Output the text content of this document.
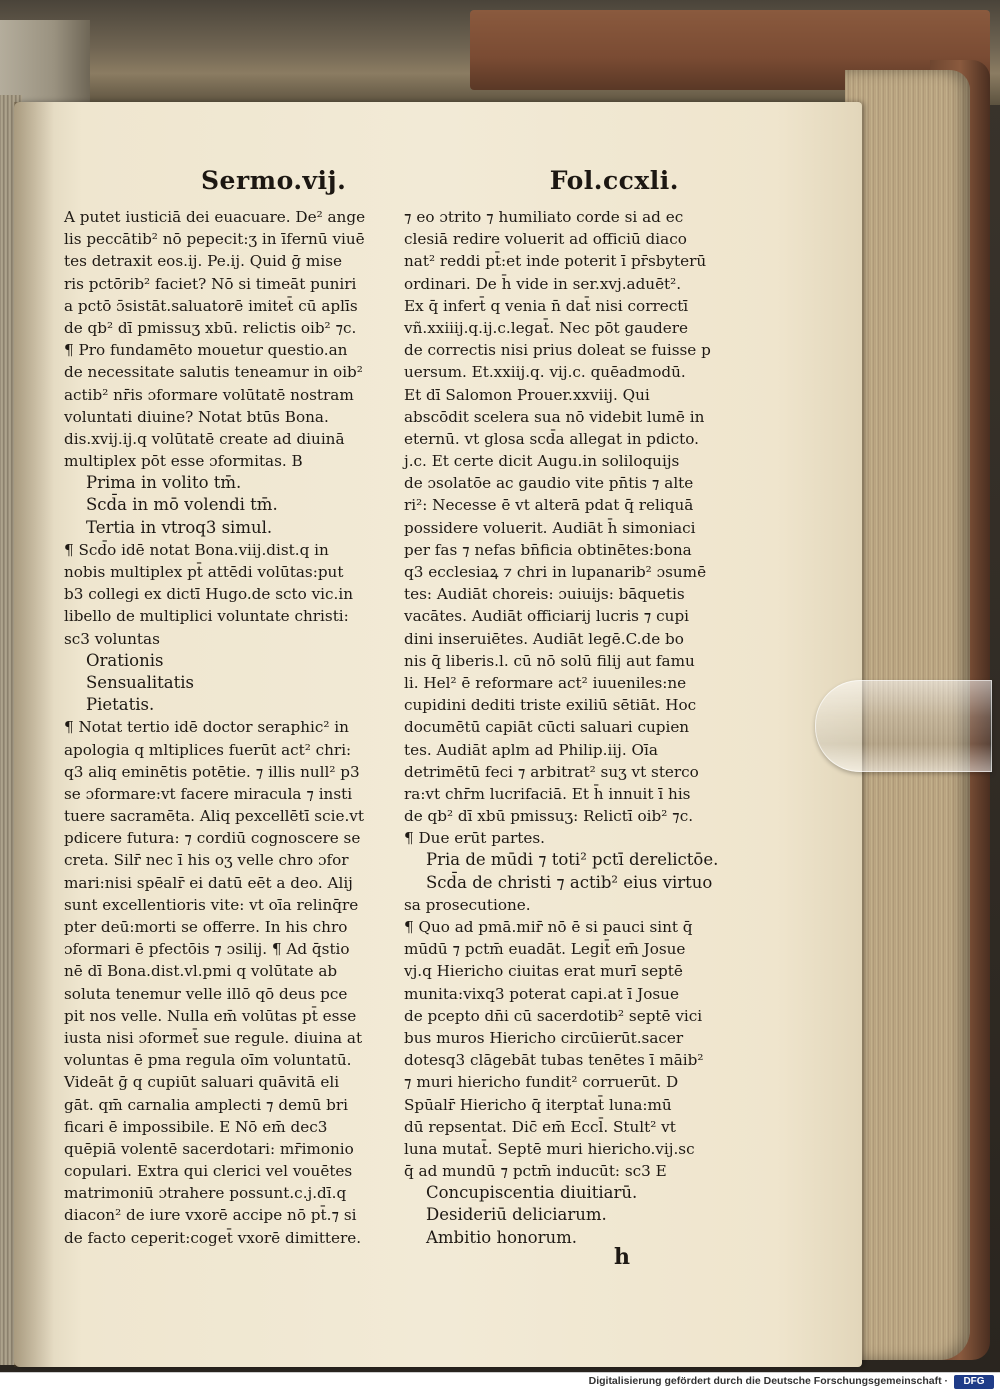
Sermo.vij.	Fol.ccxli.
A putet iusticiā dei euacuare. De² ange
lis peccātib² nō pepecit:ʒ in īfernū viuē
tes detraxit eos.ij. Pe.ij. Quid ḡ mise
ris pctōrib² faciet? Nō si timeāt puniri
a pctō ɔ̄sistāt.saluatorē imitet̄ cū aplīs
de qb² dī pmissuʒ xbū. relictis oib² ⁊c.
¶ Pro fundamēto mouetur questio.an
de necessitate salutis teneamur in oib²
actib² nr̄is ɔformare volūtatē nostram
voluntati diuine? Notat btūs Bona.
dis.xvij.ij.q volūtatē create ad diuinā
multiplex pōt esse ɔformitas. B
Prima in volito tm̄.
Scd̄a in mō volendi tm̄.
Tertia in vtroq3 simul.
¶ Scd̄o idē notat Bona.viij.dist.q in
nobis multiplex pt̄ attēdi volūtas:put
b3 collegi ex dictī Hugo.de scto vic.in
libello de multiplici voluntate christi:
sc3 voluntas
Orationis
Sensualitatis
Pietatis.
¶ Notat tertio idē doctor seraphic² in
apologia q mltiplices fuerūt act² chri:
q3 aliq eminētis potētie. ⁊ illis null² p3
se ɔformare:vt facere miracula ⁊ insti
tuere sacramēta. Aliq pexcellētī scie.vt
pdicere futura: ⁊ cordiū cognoscere se
creta. Silr̄ nec ī his oʒ velle chro ɔfor
mari:nisi spēalr̄ ei datū eēt a deo. Alij
sunt excellentioris vite: vt oīa relinq̄re
pter deū:morti se offerre. In his chro
ɔformari ē pfectōis ⁊ ɔsilij. ¶ Ad q̄stio
nē dī Bona.dist.vl.pmi q volūtate ab
soluta tenemur velle illō qō deus pce
pit nos velle. Nulla em̄ volūtas pt̄ esse
iusta nisi ɔformet̄ sue regule. diuina at
voluntas ē pma regula oīm voluntatū.
Videāt ḡ q cupiūt saluari quāvitā eli
gāt. qm̄ carnalia amplecti ⁊ demū bri
ficari ē impossibile. E Nō em̄ dec3
quēpiā volentē sacerdotari: mr̄imonio
copulari. Extra qui clerici vel vouētes
matrimoniū ɔtrahere possunt.c.j.dī.q
diacon² de iure vxorē accipe nō pt̄.⁊ si
de facto ceperit:coget̄ vxorē dimittere.
⁊ eo ɔtrito ⁊ humiliato corde si ad ec
clesiā redire voluerit ad officiū diaco
nat² reddi pt̄:et inde poterit ī pr̄sbyterū
ordinari. De h̄ vide in ser.xvj.aduēt².
Ex q̄ infert̄ q venia n̄ dat̄ nisi correctī
vñ.xxiiij.q.ij.c.legat̄. Nec pōt gaudere
de correctis nisi prius doleat se fuisse p
uersum. Et.xxiij.q. vij.c. quēadmodū.
Et dī Salomon Prouer.xxviij. Qui
abscōdit scelera sua nō videbit lumē in
eternū. vt glosa scd̄a allegat in pdicto.
j.c. Et certe dicit Augu.in soliloquijs
de ɔsolatōe ac gaudio vite pn̄tis ⁊ alte
ri²: Necesse ē vt alterā pdat q̄ reliquā
possidere voluerit. Audiāt h̄ simoniaci
per fas ⁊ nefas bn̄ficia obtinētes:bona
q3 ecclesiaꝝ ⁊ chri in lupanarib² ɔsumē
tes: Audiāt choreis: ɔuiuijs: bāquetis
vacātes. Audiāt officiarij lucris ⁊ cupi
dini inseruiētes. Audiāt legē.C.de bo
nis q̄ liberis.l. cū nō solū filij aut famu
li. Hel² ē reformare act² iuueniles:ne
cupidini dediti triste exiliū sētiāt. Hoc
documētū capiāt cūcti saluari cupien
tes. Audiāt aplm ad Philip.iij. Oīa
detrimētū feci ⁊ arbitrat² suʒ vt sterco
ra:vt chr̄m lucrifaciā. Et h̄ innuit ī his
de qb² dī xbū pmissuʒ: Relictī oib² ⁊c.
¶ Due erūt partes.
Pria de mūdi ⁊ toti² pctī derelictōe.
Scd̄a de christi ⁊ actib² eius virtuo
sa prosecutione.
¶ Quo ad pmā.mir̄ nō ē si pauci sint q̄
mūdū ⁊ pctm̄ euadāt. Legit̄ em̄ Josue
vj.q Hiericho ciuitas erat murī septē
munita:vixq3 poterat capi.at ī Josue
de pcepto dn̄i cū sacerdotib² septē vici
bus muros Hiericho circūierūt.sacer
dotesq3 clāgebāt tubas tenētes ī māib²
⁊ muri hiericho fundit² corruerūt. D
Spūalr̄ Hiericho q̄ iterptat̄ luna:mū
dū repsentat. Dic̄ em̄ Eccl̄. Stult² vt
luna mutat̄. Septē muri hiericho.vij.sc
q̄ ad mundū ⁊ pctm̄ inducūt: sc3 E
Concupiscentia diuitiarū.
Desideriū deliciarum.
Ambitio honorum.
h
Digitalisierung gefördert durch die Deutsche Forschungsgemeinschaft ·	DFG
